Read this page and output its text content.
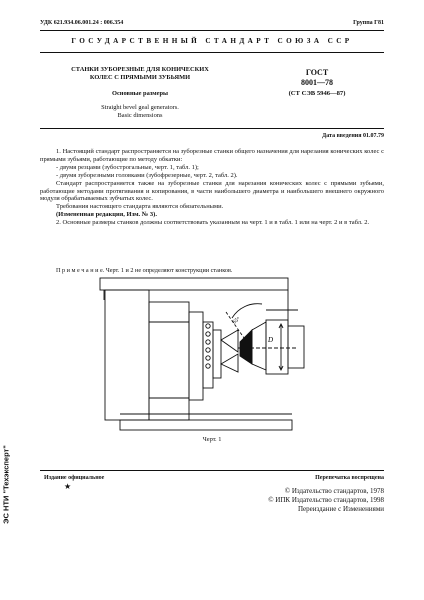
УДК 621.934.06.001.24 : 006.354	Группа Г81
ГОСУДАРСТВЕННЫЙ СТАНДАРТ СОЮЗА ССР
СТАНКИ ЗУБОРЕЗНЫЕ ДЛЯ КОНИЧЕСКИХ
КОЛЕС С ПРЯМЫМИ ЗУБЬЯМИ
Основные размеры
Straight bevel geal generators.
Basic dimensions
ГОСТ
8001—78
(СТ СЭВ 5946—87)
Дата введения 01.07.79

1. Настоящий стандарт распространяется на зуборезные станки общего назначения для нарезания конических колес с прямыми зубьями, работающие по методу обкатки:

- двумя резцами (зубострогальные, черт. 1, табл. 1);

- двумя зуборезными головками (зубофрезерные, черт. 2, табл. 2).

Стандарт распространяется также на зуборезные станки для нарезания конических колес с прямыми зубьями, работающие методами протягивания и копирования, в части наибольшего диаметра и наибольшего внешнего окружного модуля обрабатываемых зубчатых колес.

Требования настоящего стандарта являются обязательными.

(Измененная редакция, Изм. № 3).

2. Основные размеры станков должны соответствовать указанным на черт. 1 и в табл. 1 или на черт. 2 и в табл. 2.

П р и м е ч а н и е. Черт. 1 и 2 не определяют конструкции станков.
D
65°
Черт. 1
Издание официальное
★
Перепечатка воспрещена
© Издательство стандартов, 1978
© ИПК Издательство стандартов, 1998
Переиздание с Изменениями
ЭС НТИ "Техэксперт"
